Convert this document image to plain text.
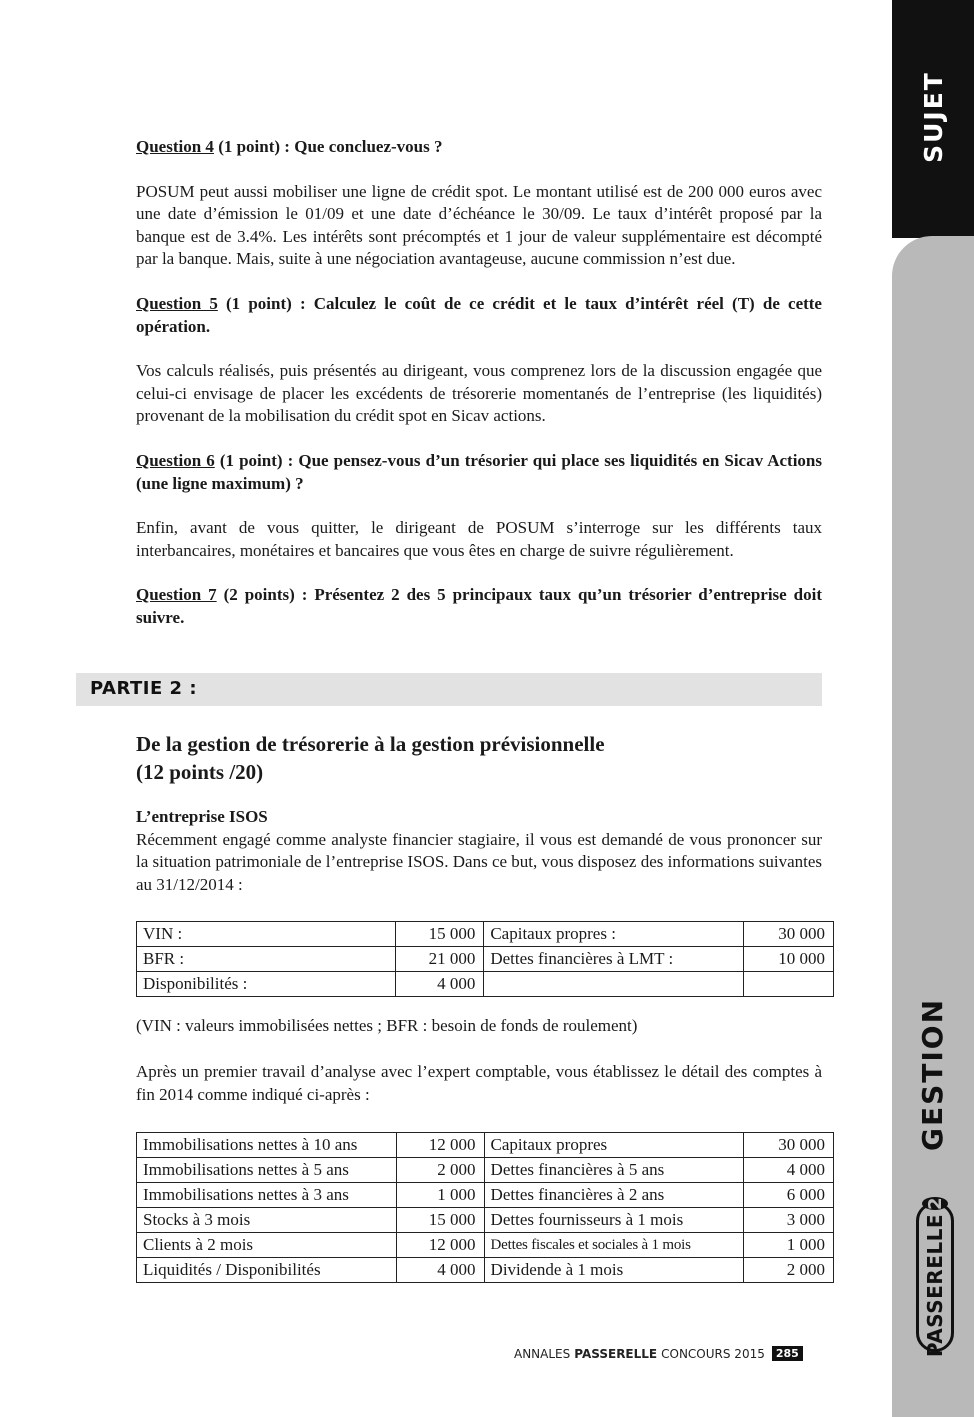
Question 4 (1 point) : Que concluez-vous ?

POSUM peut aussi mobiliser une ligne de crédit spot. Le montant utilisé est de 200 000 euros avec une date d’émission le 01/09 et une date d’échéance le 30/09. Le taux d’intérêt proposé par la banque est de 3.4%. Les intérêts sont précomptés et 1 jour de valeur supplémentaire est décompté par la banque. Mais, suite à une négociation avantageuse, aucune commission n’est due.

Question 5 (1 point) : Calculez le coût de ce crédit et le taux d’intérêt réel (T) de cette opération.

Vos calculs réalisés, puis présentés au dirigeant, vous comprenez lors de la discussion engagée que celui-ci envisage de placer les excédents de trésorerie momentanés de l’entreprise (les liquidités) provenant de la mobilisation du crédit spot en Sicav actions.

Question 6 (1 point) : Que pensez-vous d’un trésorier qui place ses liquidités en Sicav Actions (une ligne maximum) ?

Enfin, avant de vous quitter, le dirigeant de POSUM s’interroge sur les différents taux interbancaires, monétaires et bancaires que vous êtes en charge de suivre régulièrement.

Question 7 (2 points) : Présentez 2 des 5 principaux taux qu’un trésorier d’entreprise doit suivre.

PARTIE 2 :
De la gestion de trésorerie à la gestion prévisionnelle
(12 points /20)

L’entreprise ISOS

Récemment engagé comme analyste financier stagiaire, il vous est demandé de vous prononcer sur la situation patrimoniale de l’entreprise ISOS. Dans ce but, vous disposez des informations suivantes au 31/12/2014 :

VIN :	15 000	Capitaux propres :	30 000
BFR :	21 000	Dettes financières à LMT :	10 000
Disponibilités :	4 000		

(VIN : valeurs immobilisées nettes ; BFR : besoin de fonds de roulement)

Après un premier travail d’analyse avec l’expert comptable, vous établissez le détail des comptes à fin 2014 comme indiqué ci-après :

Immobilisations nettes à 10 ans	12 000	Capitaux propres	30 000
Immobilisations nettes à 5 ans	2 000	Dettes financières à 5 ans	4 000
Immobilisations nettes à 3 ans	1 000	Dettes financières à 2 ans	6 000
Stocks à 3 mois	15 000	Dettes fournisseurs à 1 mois	3 000
Clients à 2 mois	12 000	Dettes fiscales et sociales à 1 mois	1 000
Liquidités / Disponibilités	4 000	Dividende à 1 mois	2 000
ANNALES PASSERELLE CONCOURS 2015	285
SUJET
GESTION
PASSERELLE
2
